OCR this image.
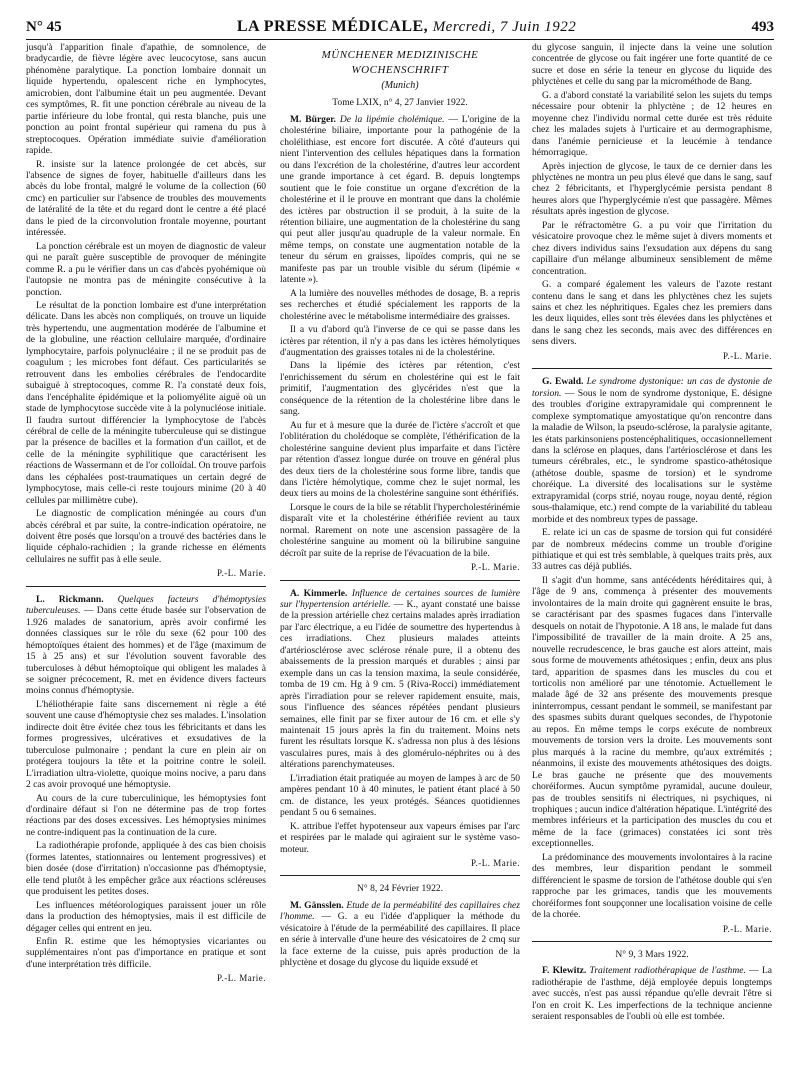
N° 45	LA PRESSE MÉDICALE, Mercredi, 7 Juin 1922	493

jusqu'à l'apparition finale d'apathie, de somnolence, de bradycardie, de fièvre légère avec leucocytose, sans aucun phénomène paralytique. La ponction lombaire donnait un liquide hypertendu, opalescent riche en lymphocytes, amicrobien, dont l'albumine était un peu augmentée. Devant ces symptômes, R. fit une ponction cérébrale au niveau de la partie inférieure du lobe frontal, qui resta blanche, puis une ponction au point frontal supérieur qui ramena du pus à streptocoques. Opération immédiate suivie d'amélioration rapide.

R. insiste sur la latence prolongée de cet abcès, sur l'absence de signes de foyer, habituelle d'ailleurs dans les abcès du lobe frontal, malgré le volume de la collection (60 cmc) en particulier sur l'absence de troubles des mouvements de latéralité de la tête et du regard dont le centre a été placé dans le pied de la circonvolution frontale moyenne, pourtant intéressée.

La ponction cérébrale est un moyen de diagnostic de valeur qui ne paraît guère susceptible de provoquer de méningite comme R. a pu le vérifier dans un cas d'abcès pyohémique où l'autopsie ne montra pas de méningite consécutive à la ponction.

Le résultat de la ponction lombaire est d'une interprétation délicate. Dans les abcès non compliqués, on trouve un liquide très hypertendu, une augmentation modérée de l'albumine et de la globuline, une réaction cellulaire marquée, d'ordinaire lymphocytaire, parfois polynucléaire ; il ne se produit pas de coagulum ; les microbes font défaut. Ces particularités se retrouvent dans les embolies cérébrales de l'endocardite subaiguë à streptocoques, comme R. l'a constaté deux fois, dans l'encéphalite épidémique et la poliomyélite aiguë où un stade de lymphocytose succède vite à la polynucléose initiale. Il faudra surtout différencier la lymphocytose de l'abcès cérébral de celle de la méningite tuberculeuse qui se distingue par la présence de bacilles et la formation d'un caillot, et de celle de la méningite syphilitique que caractérisent les réactions de Wassermann et de l'or colloïdal. On trouve parfois dans les céphalées post-traumatiques un certain degré de lymphocytose, mais celle-ci reste toujours minime (20 à 40 cellules par millimètre cube).

Le diagnostic de complication méningée au cours d'un abcès cérébral et par suite, la contre-indication opératoire, ne doivent être posés que lorsqu'on a trouvé des bactéries dans le liquide céphalo-rachidien ; la grande richesse en éléments cellulaires ne suffit pas à elle seule.

P.-L. Marie.

L. Rickmann. Quelques facteurs d'hémoptysies tuberculeuses. — Dans cette étude basée sur l'observation de 1.926 malades de sanatorium, après avoir confirmé les données classiques sur le rôle du sexe (62 pour 100 des hémoptoïques étaient des hommes) et de l'âge (maximum de 15 à 25 ans) et sur l'évolution souvent favorable des tuberculoses à début hémoptoïque qui obligent les malades à se soigner précocement, R. met en évidence divers facteurs moins connus d'hémoptysie.

L'héliothérapie faite sans discernement ni règle a été souvent une cause d'hémoptysie chez ses malades. L'insolation indirecte doit être évitée chez tous les fébricitants et dans les formes progressives, ulcératives et exsudatives de la tuberculose pulmonaire ; pendant la cure en plein air on protégera toujours la tête et la poitrine contre le soleil. L'irradiation ultra-violette, quoique moins nocive, a paru dans 2 cas avoir provoqué une hémoptysie.

Au cours de la cure tuberculinique, les hémoptysies font d'ordinaire défaut si l'on ne détermine pas de trop fortes réactions par des doses excessives. Les hémoptysies minimes ne contre-indiquent pas la continuation de la cure.

La radiothérapie profonde, appliquée à des cas bien choisis (formes latentes, stationnaires ou lentement progressives) et bien dosée (dose d'irritation) n'occasionne pas d'hémoptysie, elle tend plutôt à les empêcher grâce aux réactions scléreuses que produisent les petites doses.

Les influences météorologiques paraissent jouer un rôle dans la production des hémoptysies, mais il est difficile de dégager celles qui entrent en jeu.

Enfin R. estime que les hémoptysies vicariantes ou supplémentaires n'ont pas d'importance en pratique et sont d'une interprétation très difficile.

P.-L. Marie.
MÜNCHENER MEDIZINISCHE
WOCHENSCHRIFT
(Munich)
Tome LXIX, n° 4, 27 Janvier 1922.

M. Bürger. De la lipémie cholémique. — L'origine de la cholestérine biliaire, importante pour la pathogénie de la cholélithiase, est encore fort discutée. A côté d'auteurs qui nient l'intervention des cellules hépatiques dans la formation ou dans l'excrétion de la cholestérine, d'autres leur accordent une grande importance à cet égard. B. depuis longtemps soutient que le foie constitue un organe d'excrétion de la cholestérine et il le prouve en montrant que dans la cholémie des ictères par obstruction il se produit, à la suite de la rétention biliaire, une augmentation de la cholestérine du sang qui peut aller jusqu'au quadruple de la valeur normale. En même temps, on constate une augmentation notable de la teneur du sérum en graisses, lipoïdes compris, qui ne se manifeste pas par un trouble visible du sérum (lipémie « latente »).

A la lumière des nouvelles méthodes de dosage, B. a repris ses recherches et étudié spécialement les rapports de la cholestérine avec le métabolisme intermédiaire des graisses.

Il a vu d'abord qu'à l'inverse de ce qui se passe dans les ictères par rétention, il n'y a pas dans les ictères hémolytiques d'augmentation des graisses totales ni de la cholestérine.

Dans la lipémie des ictères par rétention, c'est l'enrichissement du sérum en cholestérine qui est le fait primitif, l'augmentation des glycérides n'est que la conséquence de la rétention de la cholestérine libre dans le sang.

Au fur et à mesure que la durée de l'ictère s'accroît et que l'oblitération du cholédoque se complète, l'éthérification de la cholestérine sanguine devient plus imparfaite et dans l'ictère par rétention d'assez longue durée on trouve en général plus des deux tiers de la cholestérine sous forme libre, tandis que dans l'ictère hémolytique, comme chez le sujet normal, les deux tiers au moins de la cholestérine sanguine sont éthérifiés.

Lorsque le cours de la bile se rétablit l'hypercholestérinémie disparaît vite et la cholestérine éthérifiée revient au taux normal. Rarement on note une ascension passagère de la cholestérine sanguine au moment où la bilirubine sanguine décroît par suite de la reprise de l'évacuation de la bile.

P.-L. Marie.

A. Kimmerle. Influence de certaines sources de lumière sur l'hypertension artérielle. — K., ayant constaté une baisse de la pression artérielle chez certains malades après irradiation par l'arc électrique, a eu l'idée de soumettre des hypertendus à ces irradiations. Chez plusieurs malades atteints d'artériosclérose avec sclérose rénale pure, il a obtenu des abaissements de la pression marqués et durables ; ainsi par exemple dans un cas la tension maxima, la seule considérée, tomba de 19 cm. Hg à 9 cm. 5 (Riva-Rocci) immédiatement après l'irradiation pour se relever rapidement ensuite, mais, sous l'influence des séances répétées pendant plusieurs semaines, elle finit par se fixer autour de 16 cm. et elle s'y maintenait 15 jours après la fin du traitement. Moins nets furent les résultats lorsque K. s'adressa non plus à des lésions vasculaires pures, mais à des glomérulo-néphrites ou à des altérations parenchymateuses.

L'irradiation était pratiquée au moyen de lampes à arc de 50 ampères pendant 10 à 40 minutes, le patient étant placé à 50 cm. de distance, les yeux protégés. Séances quotidiennes pendant 5 ou 6 semaines.

K. attribue l'effet hypotenseur aux vapeurs émises par l'arc et respirées par le malade qui agiraient sur le système vaso-moteur.

P.-L. Marie.
N° 8, 24 Février 1922.

M. Gänsslen. Etude de la perméabilité des capillaires chez l'homme. — G. a eu l'idée d'appliquer la méthode du vésicatoire à l'étude de la perméabilité des capillaires. Il place en série à intervalle d'une heure des vésicatoires de 2 cmq sur la face externe de la cuisse, puis après production de la phlyctène et dosage du glycose du liquide exsudé et

du glycose sanguin, il injecte dans la veine une solution concentrée de glycose ou fait ingérer une forte quantité de ce sucre et dose en série la teneur en glycose du liquide des phlyctènes et celle du sang par la microméthode de Bang.

G. a d'abord constaté la variabilité selon les sujets du temps nécessaire pour obtenir la phlyctène ; de 12 heures en moyenne chez l'individu normal cette durée est très réduite chez les malades sujets à l'urticaire et au dermographisme, dans l'anémie pernicieuse et la leucémie à tendance hémorragique.

Après injection de glycose, le taux de ce dernier dans les phlyctènes ne montra un peu plus élevé que dans le sang, sauf chez 2 fébricitants, et l'hyperglycémie persista pendant 8 heures alors que l'hyperglycémie n'est que passagère. Mêmes résultats après ingestion de glycose.

Par le réfractomètre G. a pu voir que l'irritation du vésicatoire provoque chez le même sujet à divers moments et chez divers individus sains l'exsudation aux dépens du sang capillaire d'un mélange albumineux sensiblement de même concentration.

G. a comparé également les valeurs de l'azote restant contenu dans le sang et dans les phlyctènes chez les sujets sains et chez les néphritiques. Egales chez les premiers dans les deux liquides, elles sont très élevées dans les phlyctènes et dans le sang chez les seconds, mais avec des différences en sens divers.

P.-L. Marie.

G. Ewald. Le syndrome dystonique: un cas de dystonie de torsion. — Sous le nom de syndrome dystonique, E. désigne des troubles d'origine extrapyramidale qui comprennent le complexe symptomatique amyostatique qu'on rencontre dans la maladie de Wilson, la pseudo-sclérose, la paralysie agitante, les états parkinsoniens postencéphalitiques, occasionnellement dans la sclérose en plaques, dans l'artériosclérose et dans les tumeurs cérébrales, etc., le syndrome spastico-athétosique (athétose double, spasme de torsion) et le syndrome choréique. La diversité des localisations sur le système extrapyramidal (corps strié, noyau rouge, noyau denté, région sous-thalamique, etc.) rend compte de la variabilité du tableau morbide et des nombreux types de passage.

E. relate ici un cas de spasme de torsion qui fut considéré par de nombreux médecins comme un trouble d'origine pithiatique et qui est très semblable, à quelques traits près, aux 33 autres cas déjà publiés.

Il s'agit d'un homme, sans antécédents héréditaires qui, à l'âge de 9 ans, commença à présenter des mouvements involontaires de la main droite qui gagnèrent ensuite le bras, se caractérisant par des spasmes fugaces dans l'intervalle desquels on notait de l'hypotonie. A 18 ans, le malade fut dans l'impossibilité de travailler de la main droite. A 25 ans, nouvelle recrudescence, le bras gauche est alors atteint, mais sous forme de mouvements athétosiques ; enfin, deux ans plus tard, apparition de spasmes dans les muscles du cou et torticolis non amélioré par une ténotomie. Actuellement le malade âgé de 32 ans présente des mouvements presque ininterrompus, cessant pendant le sommeil, se manifestant par des spasmes subits durant quelques secondes, de l'hypotonie au repos. En même temps le corps exécute de nombreux mouvements de torsion vers la droite. Les mouvements sont plus marqués à la racine du membre, qu'aux extrémités ; néanmoins, il existe des mouvements athétosiques des doigts. Le bras gauche ne présente que des mouvements choréiformes. Aucun symptôme pyramidal, aucune douleur, pas de troubles sensitifs ni électriques, ni psychiques, ni trophiques ; aucun indice d'altération hépatique. L'intégrité des membres inférieurs et la participation des muscles du cou et même de la face (grimaces) constatées ici sont très exceptionnelles.

La prédominance des mouvements involontaires à la racine des membres, leur disparition pendant le sommeil différencient le spasme de torsion de l'athétose double qui s'en rapproche par les grimaces, tandis que les mouvements choréiformes font soupçonner une localisation voisine de celle de la chorée.

P.-L. Marie.
N° 9, 3 Mars 1922.

F. Klewitz. Traitement radiothérapique de l'asthme. — La radiothérapie de l'asthme, déjà employée depuis longtemps avec succès, n'est pas aussi répandue qu'elle devrait l'être si l'on en croit K. Les imperfections de la technique ancienne seraient responsables de l'oubli où elle est tombée.
